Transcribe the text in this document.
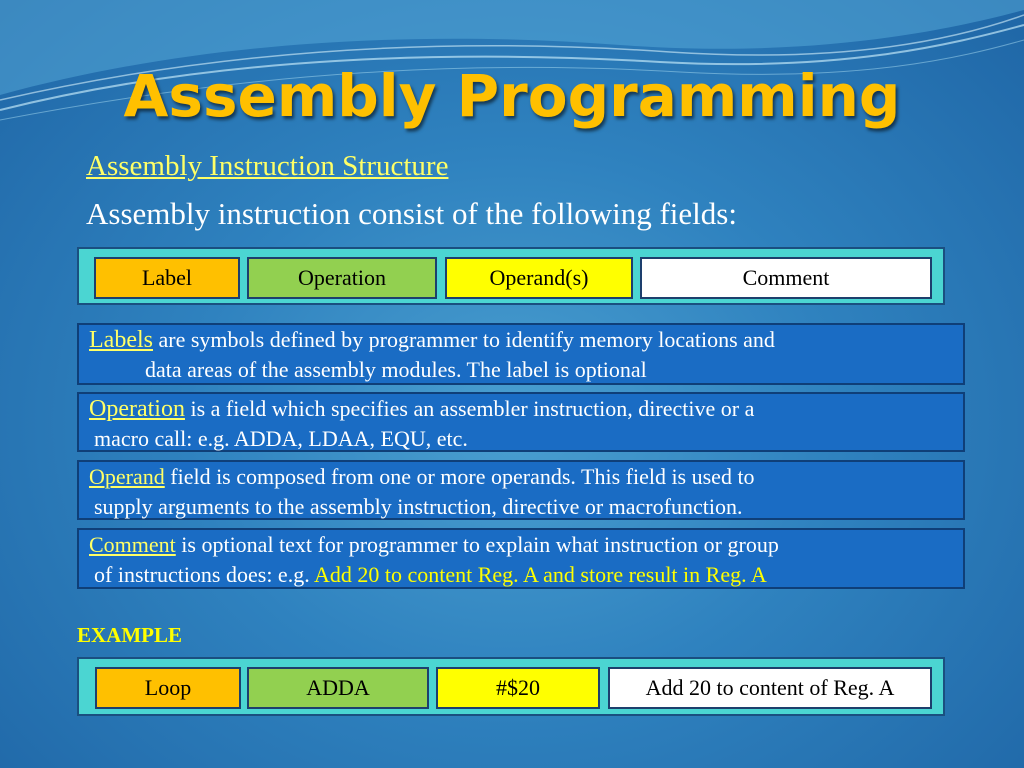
Assembly Programming
Assembly Instruction Structure
Assembly instruction consist of the following fields:
Label	Operation	Operand(s)	Comment
Labels are symbols defined by programmer to identify memory locations and
data areas of the assembly modules. The label is optional
Operation is a field which specifies an assembler instruction, directive or a
macro call: e.g. ADDA, LDAA, EQU, etc.
Operand field is composed from one or more operands. This field is used to
supply arguments to the assembly instruction, directive or macrofunction.
Comment is optional text for programmer to explain what instruction or group
of instructions does: e.g. Add 20 to content Reg. A and store result in Reg. A
EXAMPLE
Loop	ADDA	#$20	Add 20 to content of Reg. A
